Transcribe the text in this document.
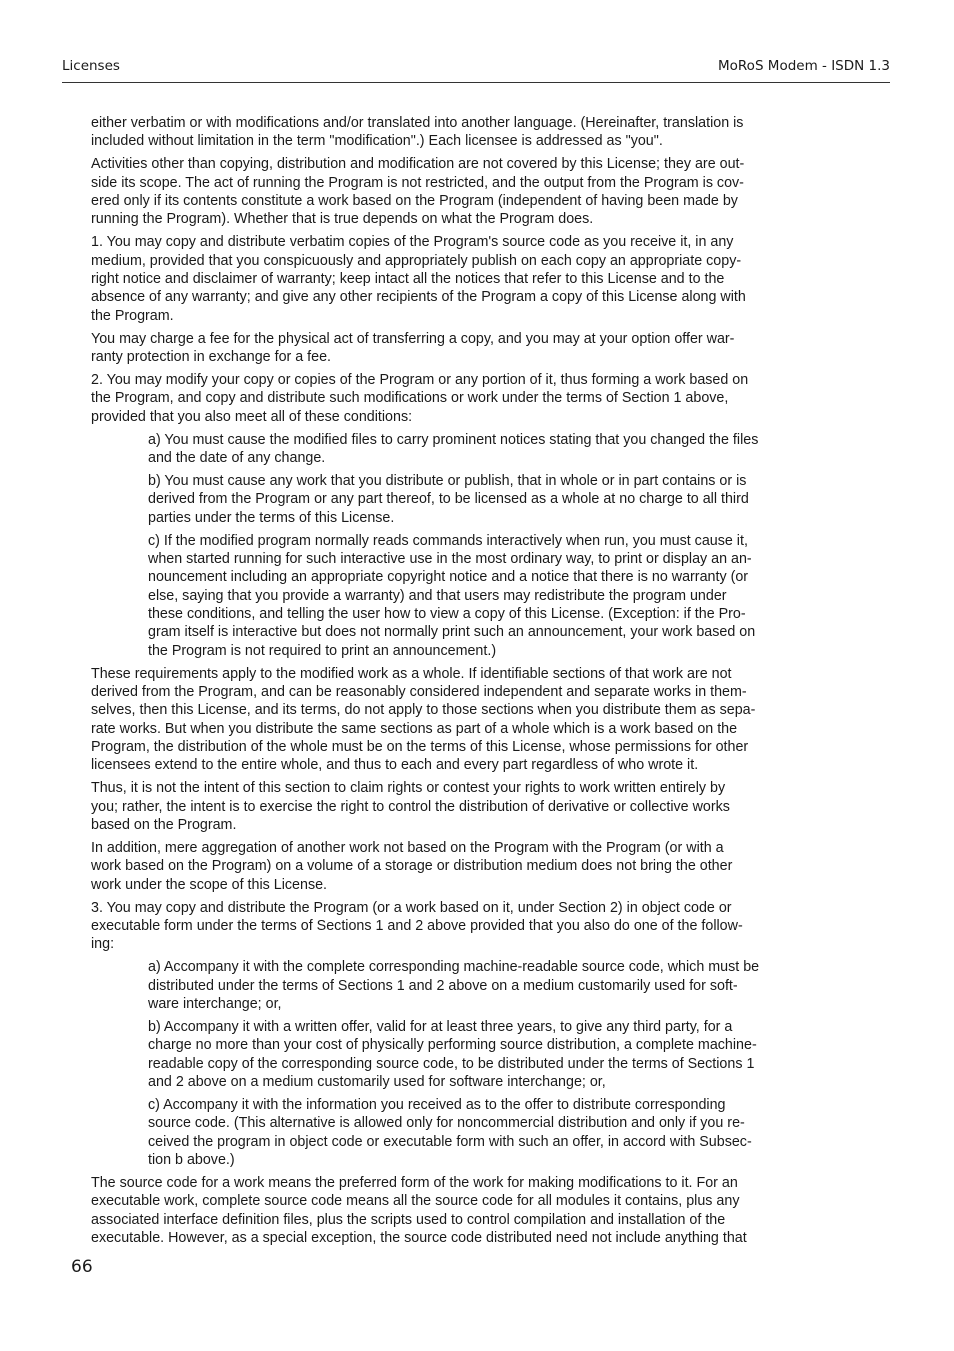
Licenses	MoRoS Modem - ISDN 1.3

either verbatim or with modifications and/or translated into another language. (Hereinafter, translation is
included without limitation in the term "modification".) Each licensee is addressed as "you".

Activities other than copying, distribution and modification are not covered by this License; they are out-
side its scope. The act of running the Program is not restricted, and the output from the Program is cov-
ered only if its contents constitute a work based on the Program (independent of having been made by
running the Program). Whether that is true depends on what the Program does.

1. You may copy and distribute verbatim copies of the Program's source code as you receive it, in any
medium, provided that you conspicuously and appropriately publish on each copy an appropriate copy-
right notice and disclaimer of warranty; keep intact all the notices that refer to this License and to the
absence of any warranty; and give any other recipients of the Program a copy of this License along with
the Program.

You may charge a fee for the physical act of transferring a copy, and you may at your option offer war-
ranty protection in exchange for a fee.

2. You may modify your copy or copies of the Program or any portion of it, thus forming a work based on
the Program, and copy and distribute such modifications or work under the terms of Section 1 above,
provided that you also meet all of these conditions:

a) You must cause the modified files to carry prominent notices stating that you changed the files
and the date of any change.

b) You must cause any work that you distribute or publish, that in whole or in part contains or is
derived from the Program or any part thereof, to be licensed as a whole at no charge to all third
parties under the terms of this License.

c) If the modified program normally reads commands interactively when run, you must cause it,
when started running for such interactive use in the most ordinary way, to print or display an an-
nouncement including an appropriate copyright notice and a notice that there is no warranty (or
else, saying that you provide a warranty) and that users may redistribute the program under
these conditions, and telling the user how to view a copy of this License. (Exception: if the Pro-
gram itself is interactive but does not normally print such an announcement, your work based on
the Program is not required to print an announcement.)

These requirements apply to the modified work as a whole. If identifiable sections of that work are not
derived from the Program, and can be reasonably considered independent and separate works in them-
selves, then this License, and its terms, do not apply to those sections when you distribute them as sepa-
rate works. But when you distribute the same sections as part of a whole which is a work based on the
Program, the distribution of the whole must be on the terms of this License, whose permissions for other
licensees extend to the entire whole, and thus to each and every part regardless of who wrote it.

Thus, it is not the intent of this section to claim rights or contest your rights to work written entirely by
you; rather, the intent is to exercise the right to control the distribution of derivative or collective works
based on the Program.

In addition, mere aggregation of another work not based on the Program with the Program (or with a
work based on the Program) on a volume of a storage or distribution medium does not bring the other
work under the scope of this License.

3. You may copy and distribute the Program (or a work based on it, under Section 2) in object code or
executable form under the terms of Sections 1 and 2 above provided that you also do one of the follow-
ing:

a) Accompany it with the complete corresponding machine-readable source code, which must be
distributed under the terms of Sections 1 and 2 above on a medium customarily used for soft-
ware interchange; or,

b) Accompany it with a written offer, valid for at least three years, to give any third party, for a
charge no more than your cost of physically performing source distribution, a complete machine-
readable copy of the corresponding source code, to be distributed under the terms of Sections 1
and 2 above on a medium customarily used for software interchange; or,

c) Accompany it with the information you received as to the offer to distribute corresponding
source code. (This alternative is allowed only for noncommercial distribution and only if you re-
ceived the program in object code or executable form with such an offer, in accord with Subsec-
tion b above.)

The source code for a work means the preferred form of the work for making modifications to it. For an
executable work, complete source code means all the source code for all modules it contains, plus any
associated interface definition files, plus the scripts used to control compilation and installation of the
executable. However, as a special exception, the source code distributed need not include anything that

66
